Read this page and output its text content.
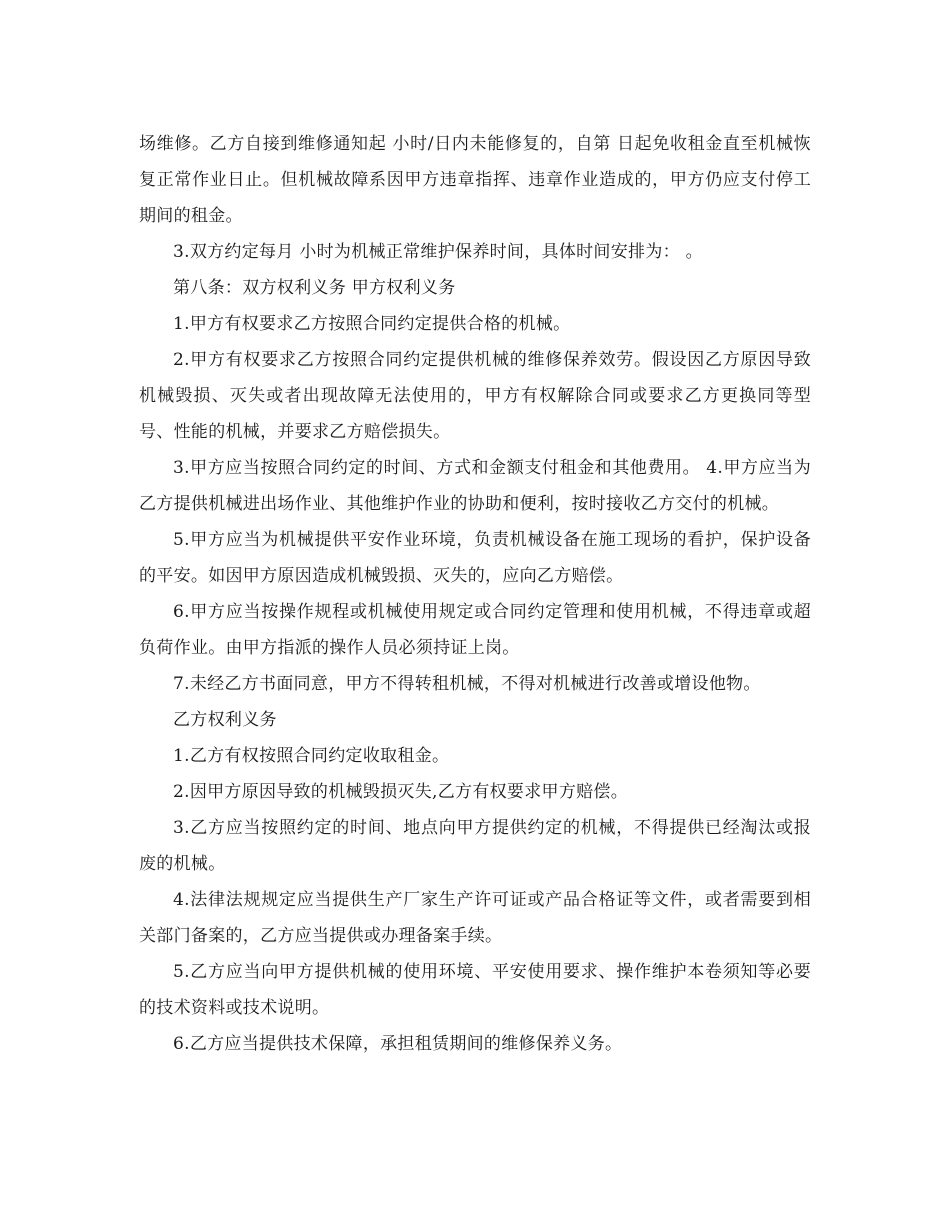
场维修。乙方自接到维修通知起 小时/日内未能修复的，自第 日起免收租金直至机械恢复正常作业日止。但机械故障系因甲方违章指挥、违章作业造成的，甲方仍应支付停工期间的租金。

3.双方约定每月 小时为机械正常维护保养时间，具体时间安排为： 。

第八条：双方权利义务 甲方权利义务

1.甲方有权要求乙方按照合同约定提供合格的机械。

2.甲方有权要求乙方按照合同约定提供机械的维修保养效劳。假设因乙方原因导致机械毁损、灭失或者出现故障无法使用的，甲方有权解除合同或要求乙方更换同等型号、性能的机械，并要求乙方赔偿损失。

3.甲方应当按照合同约定的时间、方式和金额支付租金和其他费用。 4.甲方应当为乙方提供机械进出场作业、其他维护作业的协助和便利，按时接收乙方交付的机械。

5.甲方应当为机械提供平安作业环境，负责机械设备在施工现场的看护，保护设备的平安。如因甲方原因造成机械毁损、灭失的，应向乙方赔偿。

6.甲方应当按操作规程或机械使用规定或合同约定管理和使用机械，不得违章或超负荷作业。由甲方指派的操作人员必须持证上岗。

7.未经乙方书面同意，甲方不得转租机械，不得对机械进行改善或增设他物。

乙方权利义务

1.乙方有权按照合同约定收取租金。

2.因甲方原因导致的机械毁损灭失,乙方有权要求甲方赔偿。

3.乙方应当按照约定的时间、地点向甲方提供约定的机械，不得提供已经淘汰或报废的机械。

4.法律法规规定应当提供生产厂家生产许可证或产品合格证等文件，或者需要到相关部门备案的，乙方应当提供或办理备案手续。

5.乙方应当向甲方提供机械的使用环境、平安使用要求、操作维护本卷须知等必要的技术资料或技术说明。

6.乙方应当提供技术保障，承担租赁期间的维修保养义务。
